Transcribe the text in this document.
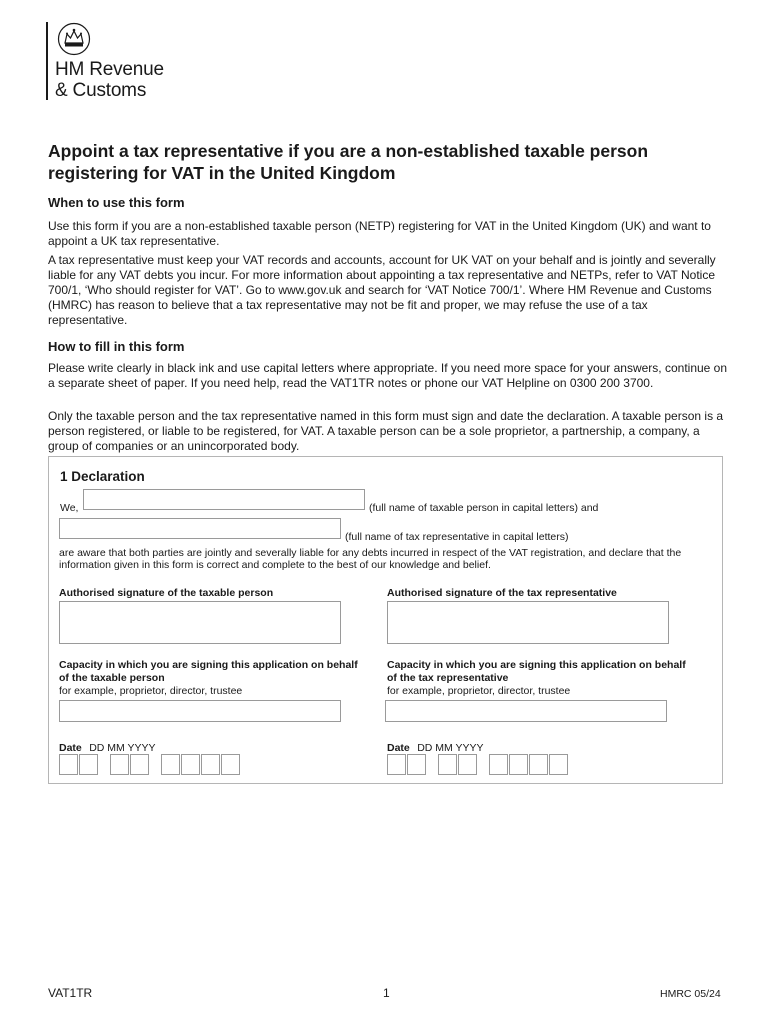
HM Revenue
& Customs
Appoint a tax representative if you are a non-established taxable person registering for VAT in the United Kingdom
When to use this form
Use this form if you are a non-established taxable person (NETP) registering for VAT in the United Kingdom (UK) and want to appoint a UK tax representative.
A tax representative must keep your VAT records and accounts, account for UK VAT on your behalf and is jointly and severally liable for any VAT debts you incur. For more information about appointing a tax representative and NETPs, refer to VAT Notice 700/1, ‘Who should register for VAT’. Go to www.gov.uk and search for ‘VAT Notice 700/1’. Where HM Revenue and Customs (HMRC) has reason to believe that a tax representative may not be fit and proper, we may refuse the use of a tax representative.
How to fill in this form
Please write clearly in black ink and use capital letters where appropriate. If you need more space for your answers, continue on a separate sheet of paper. If you need help, read the VAT1TR notes or phone our VAT Helpline on 0300 200 3700.
Only the taxable person and the tax representative named in this form must sign and date the declaration. A taxable person is a person registered, or liable to be registered, for VAT. A taxable person can be a sole proprietor, a partnership, a company, a group of companies or an unincorporated body.
1 Declaration
We,	(full name of taxable person in capital letters) and
(full name of tax representative in capital letters)
are aware that both parties are jointly and severally liable for any debts incurred in respect of the VAT registration, and declare that the information given in this form is correct and complete to the best of our knowledge and belief.
Authorised signature of the taxable person
Capacity in which you are signing this application on behalf of the taxable person
for example, proprietor, director, trustee
Date DD MM YYYY
Authorised signature of the tax representative
Capacity in which you are signing this application on behalf of the tax representative
for example, proprietor, director, trustee
Date DD MM YYYY
VAT1TR	1	HMRC 05/24
